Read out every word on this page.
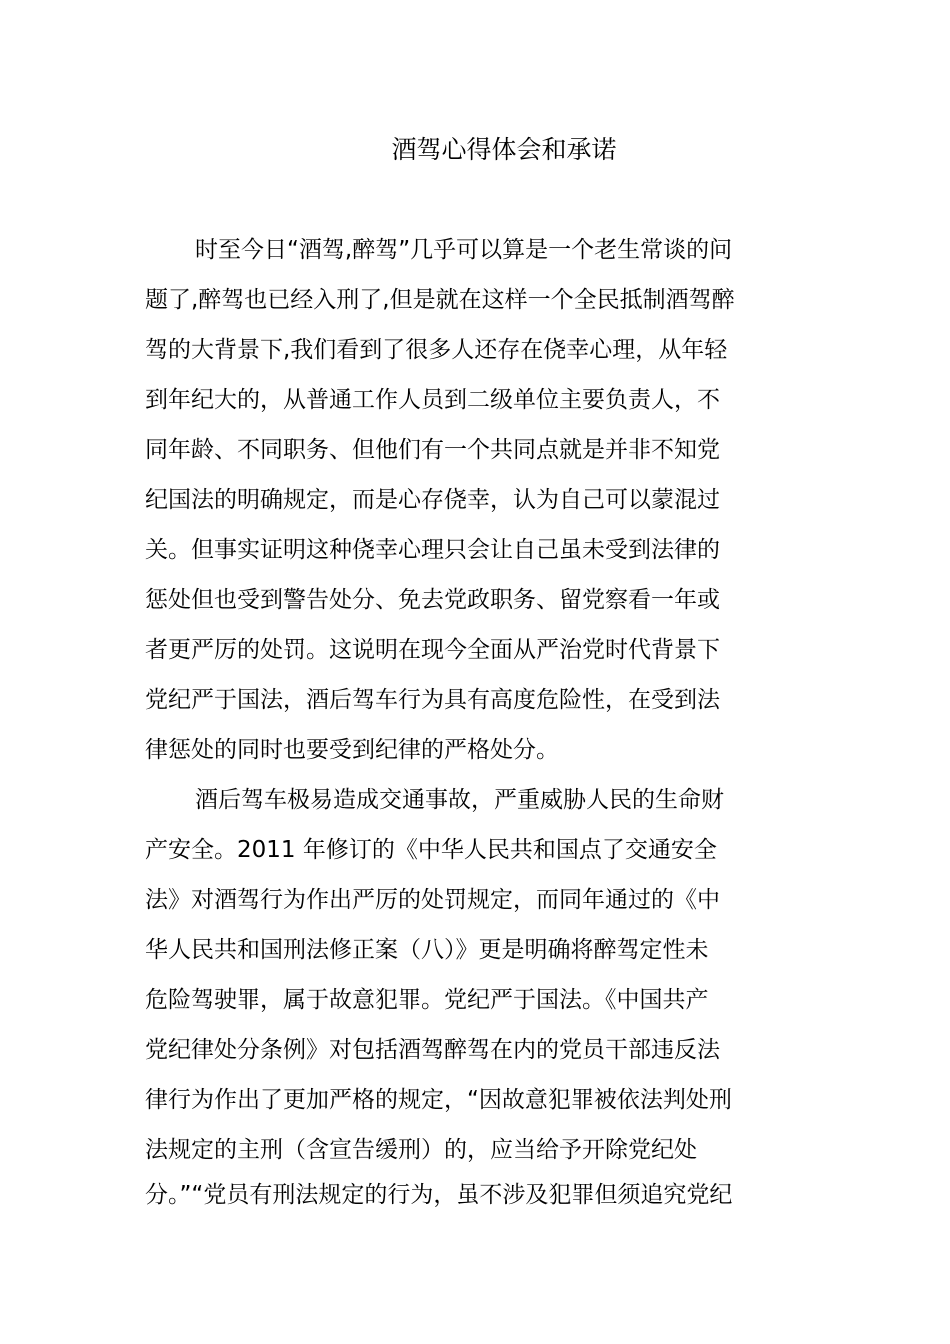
酒驾心得体会和承诺
时至今日“酒驾,醉驾”几乎可以算是一个老生常谈的问
题了,醉驾也已经入刑了,但是就在这样一个全民抵制酒驾醉
驾的大背景下,我们看到了很多人还存在侥幸心理，从年轻
到年纪大的，从普通工作人员到二级单位主要负责人，不
同年龄、不同职务、但他们有一个共同点就是并非不知党
纪国法的明确规定，而是心存侥幸，认为自己可以蒙混过
关。但事实证明这种侥幸心理只会让自己虽未受到法律的
惩处但也受到警告处分、免去党政职务、留党察看一年或
者更严厉的处罚。这说明在现今全面从严治党时代背景下
党纪严于国法，酒后驾车行为具有高度危险性，在受到法
律惩处的同时也要受到纪律的严格处分。
酒后驾车极易造成交通事故，严重威胁人民的生命财
产安全。2011 年修订的《中华人民共和国点了交通安全
法》对酒驾行为作出严厉的处罚规定，而同年通过的《中
华人民共和国刑法修正案（八）》更是明确将醉驾定性未
危险驾驶罪，属于故意犯罪。党纪严于国法。《中国共产
党纪律处分条例》对包括酒驾醉驾在内的党员干部违反法
律行为作出了更加严格的规定，“因故意犯罪被依法判处刑
法规定的主刑（含宣告缓刑）的，应当给予开除党纪处
分。”“党员有刑法规定的行为，虽不涉及犯罪但须追究党纪
